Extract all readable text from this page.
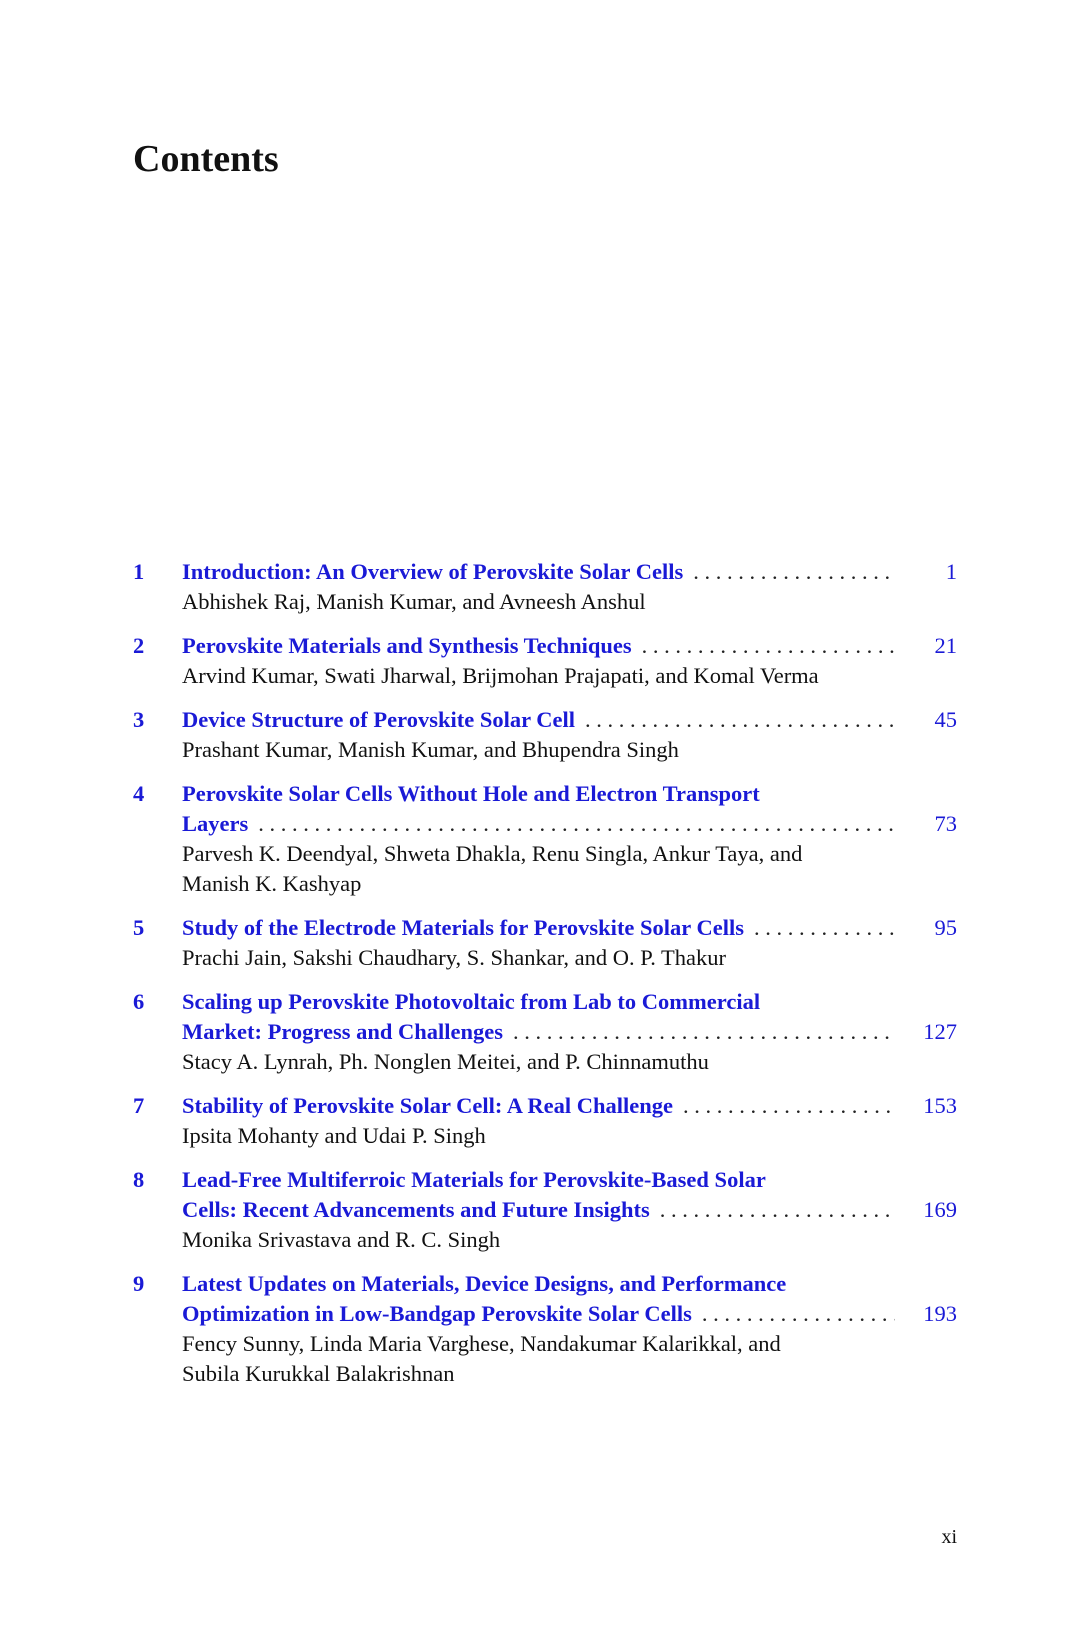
Contents
1 Introduction: An Overview of Perovskite Solar Cells . . .	1
Abhishek Raj, Manish Kumar, and Avneesh Anshul
2 Perovskite Materials and Synthesis Techniques . . .	21
Arvind Kumar, Swati Jharwal, Brijmohan Prajapati, and Komal Verma
3 Device Structure of Perovskite Solar Cell . . .	45
Prashant Kumar, Manish Kumar, and Bhupendra Singh
4 Perovskite Solar Cells Without Hole and Electron Transport
Layers . . .	73
Parvesh K. Deendyal, Shweta Dhakla, Renu Singla, Ankur Taya, and Manish K. Kashyap
5 Study of the Electrode Materials for Perovskite Solar Cells . . .	95
Prachi Jain, Sakshi Chaudhary, S. Shankar, and O. P. Thakur
6 Scaling up Perovskite Photovoltaic from Lab to Commercial
Market: Progress and Challenges . . .	127
Stacy A. Lynrah, Ph. Nonglen Meitei, and P. Chinnamuthu
7 Stability of Perovskite Solar Cell: A Real Challenge . . .	153
Ipsita Mohanty and Udai P. Singh
8 Lead-Free Multiferroic Materials for Perovskite-Based Solar
Cells: Recent Advancements and Future Insights . . .	169
Monika Srivastava and R. C. Singh
9 Latest Updates on Materials, Device Designs, and Performance
Optimization in Low-Bandgap Perovskite Solar Cells . . .	193
Fency Sunny, Linda Maria Varghese, Nandakumar Kalarikkal, and Subila Kurukkal Balakrishnan
xi
